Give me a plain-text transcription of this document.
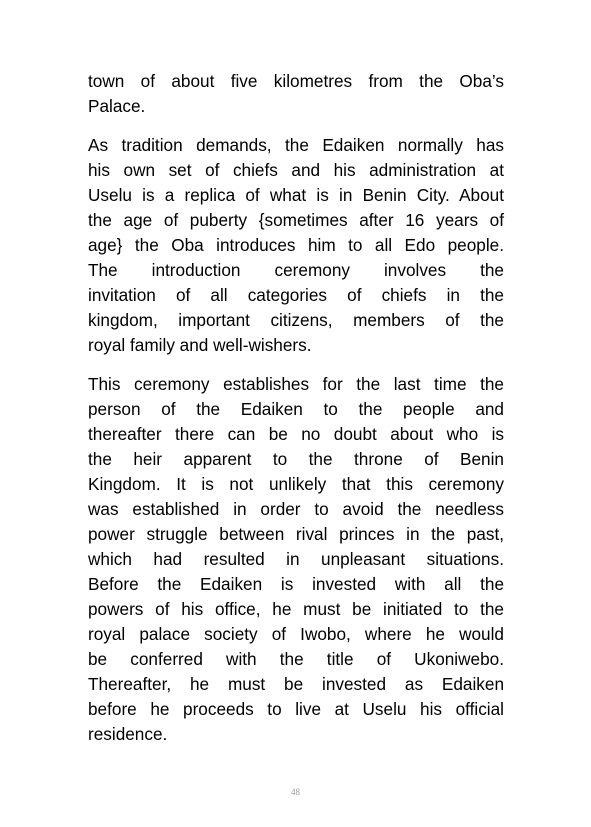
town of about five kilometres from the Oba’s
Palace.
As tradition demands, the Edaiken normally has
his own set of chiefs and his administration at
Uselu is a replica of what is in Benin City. About
the age of puberty {sometimes after 16 years of
age} the Oba introduces him to all Edo people.
The introduction ceremony involves the
invitation of all categories of chiefs in the
kingdom, important citizens, members of the
royal family and well-wishers.
This ceremony establishes for the last time the
person of the Edaiken to the people and
thereafter there can be no doubt about who is
the heir apparent to the throne of Benin
Kingdom. It is not unlikely that this ceremony
was established in order to avoid the needless
power struggle between rival princes in the past,
which had resulted in unpleasant situations.
Before the Edaiken is invested with all the
powers of his office, he must be initiated to the
royal palace society of Iwobo, where he would
be conferred with the title of Ukoniwebo.
Thereafter, he must be invested as Edaiken
before he proceeds to live at Uselu his official
residence.
48
